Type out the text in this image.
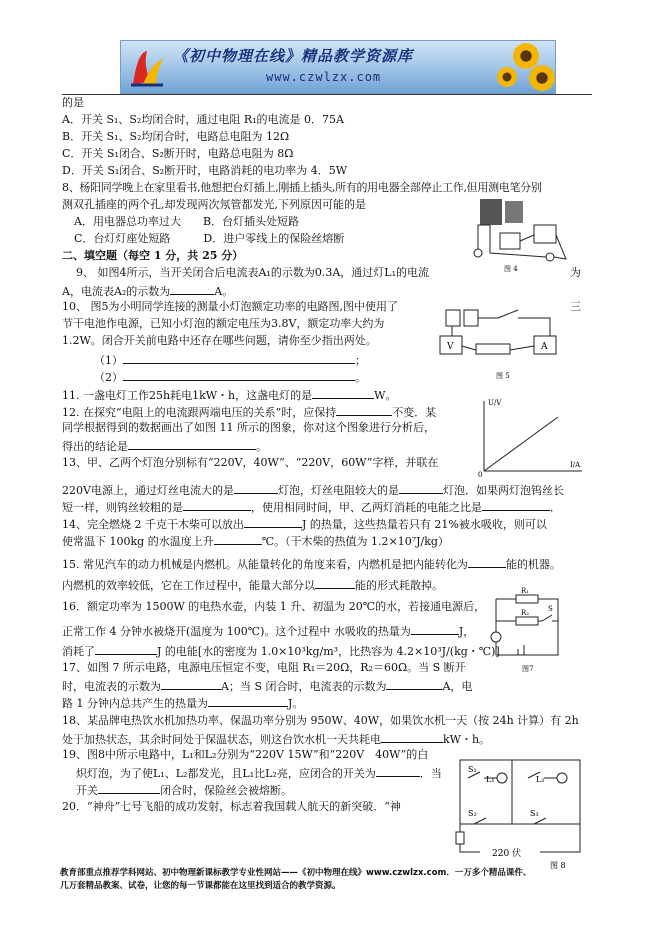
《初中物理在线》精品教学资源库
www.czwlzx.com
的是
A．开关 S₁、S₂均闭合时，通过电阻 R₁的电流是 0．75A
B．开关 S₁、S₂均闭合时，电路总电阻为 12Ω
C．开关 S₁闭合、S₂断开时，电路总电阻为 8Ω
D．开关 S₁闭合、S₂断开时，电路消耗的电功率为 4．5W
8、杨阳同学晚上在家里看书,他想把台灯插上,刚插上插头,所有的用电器全部停止工作,但用测电笔分别
测双孔插座的两个孔,却发现两次氖管都发光,下列原因可能的是
A．用电器总功率过大　　B．台灯插头处短路
C．台灯灯座处短路　　　D．进户零线上的保险丝熔断
二、填空题（每空 1 分，共 25 分）
9、 如图4所示，当开关闭合后电流表A₁的示数为0.3A，通过灯L₁的电流	为
A，电流表A₂的示数为	A。
10、 图5为小明同学连接的测量小灯泡额定功率的电路图,图中使用了	三
节干电池作电源，已知小灯泡的额定电压为3.8V，额定功率大约为
1.2W。闭合开关前电路中还存在哪些问题，请你至少指出两处。
（1）	；
（2）	。
11. 一盏电灯工作25h耗电1kW・h，这盏电灯的是	W。
12. 在探究“电阻上的电流跟两端电压的关系”时，应保持	不变．某
同学根据得到的数据画出了如图 11 所示的图象，你对这个图象进行分析后，
得出的结论是	。
13、甲、乙两个灯泡分别标有“220V，40W”、“220V，60W”字样，并联在
220V电源上，通过灯丝电流大的是	灯泡，灯丝电阻较大的是	灯泡．如果两灯泡钨丝长
短一样，则钨丝较粗的是	，使用相同时间，甲、乙两灯消耗的电能之比是	．
14、完全燃烧 2 千克干木柴可以放出	J 的热量，这些热量若只有 21%被水吸收，则可以
使常温下 100kg 的水温度上升	℃。（干木柴的热值为 1.2×10⁷J/kg）
15. 常见汽车的动力机械是内燃机。从能量转化的角度来看，内燃机是把内能转化为	能的机器。
内燃机的效率较低，它在工作过程中，能量大部分以	能的形式耗散掉。
16．额定功率为 1500W 的电热水壶，内装 1 升、初温为 20℃的水，若接通电源后，
正常工作 4 分钟水被烧开(温度为 100℃)。这个过程中 水吸收的热量为	J，
消耗了	J 的电能[水的密度为 1.0×10³kg/m³，比热容为 4.2×10³J/(kg・℃)]
17、如图 7 所示电路，电源电压恒定不变，电阻 R₁＝20Ω，R₂＝60Ω。当 S 断开
时，电流表的示数为	A；当 S 闭合时，电流表的示数为	A，电
路 1 分钟内总共产生的热量为	J。
18、某品牌电热饮水机加热功率、保温功率分别为 950W、40W，如果饮水机一天（按 24h 计算）有 2h
处于加热状态，其余时间处于保温状态，则这台饮水机一天共耗电	kW・h。
19、图8中所示电路中，L₁和L₂分别为“220V 15W”和“220V　40W”的白
炽灯泡，为了使L₁、L₂都发光，且L₁比L₂亮，应闭合的开关为	．当
开关	闭合时，保险丝会被熔断。
20．“神舟”七号飞船的成功发射，标志着我国载人航天的新突破．“神
图 4
V	A
图 5
U/V
I/A
0
R₁
R₂	S
图7
S₁
L₁	L₂
S₂	S₃
220 伏
图 8
教育部重点推荐学科网站、初中物理新课标教学专业性网站——《初中物理在线》www.czwlzx.com．一万多个精品课件、
几万套精品教案、试卷，让您的每一节课都能在这里找到适合的教学资源。
